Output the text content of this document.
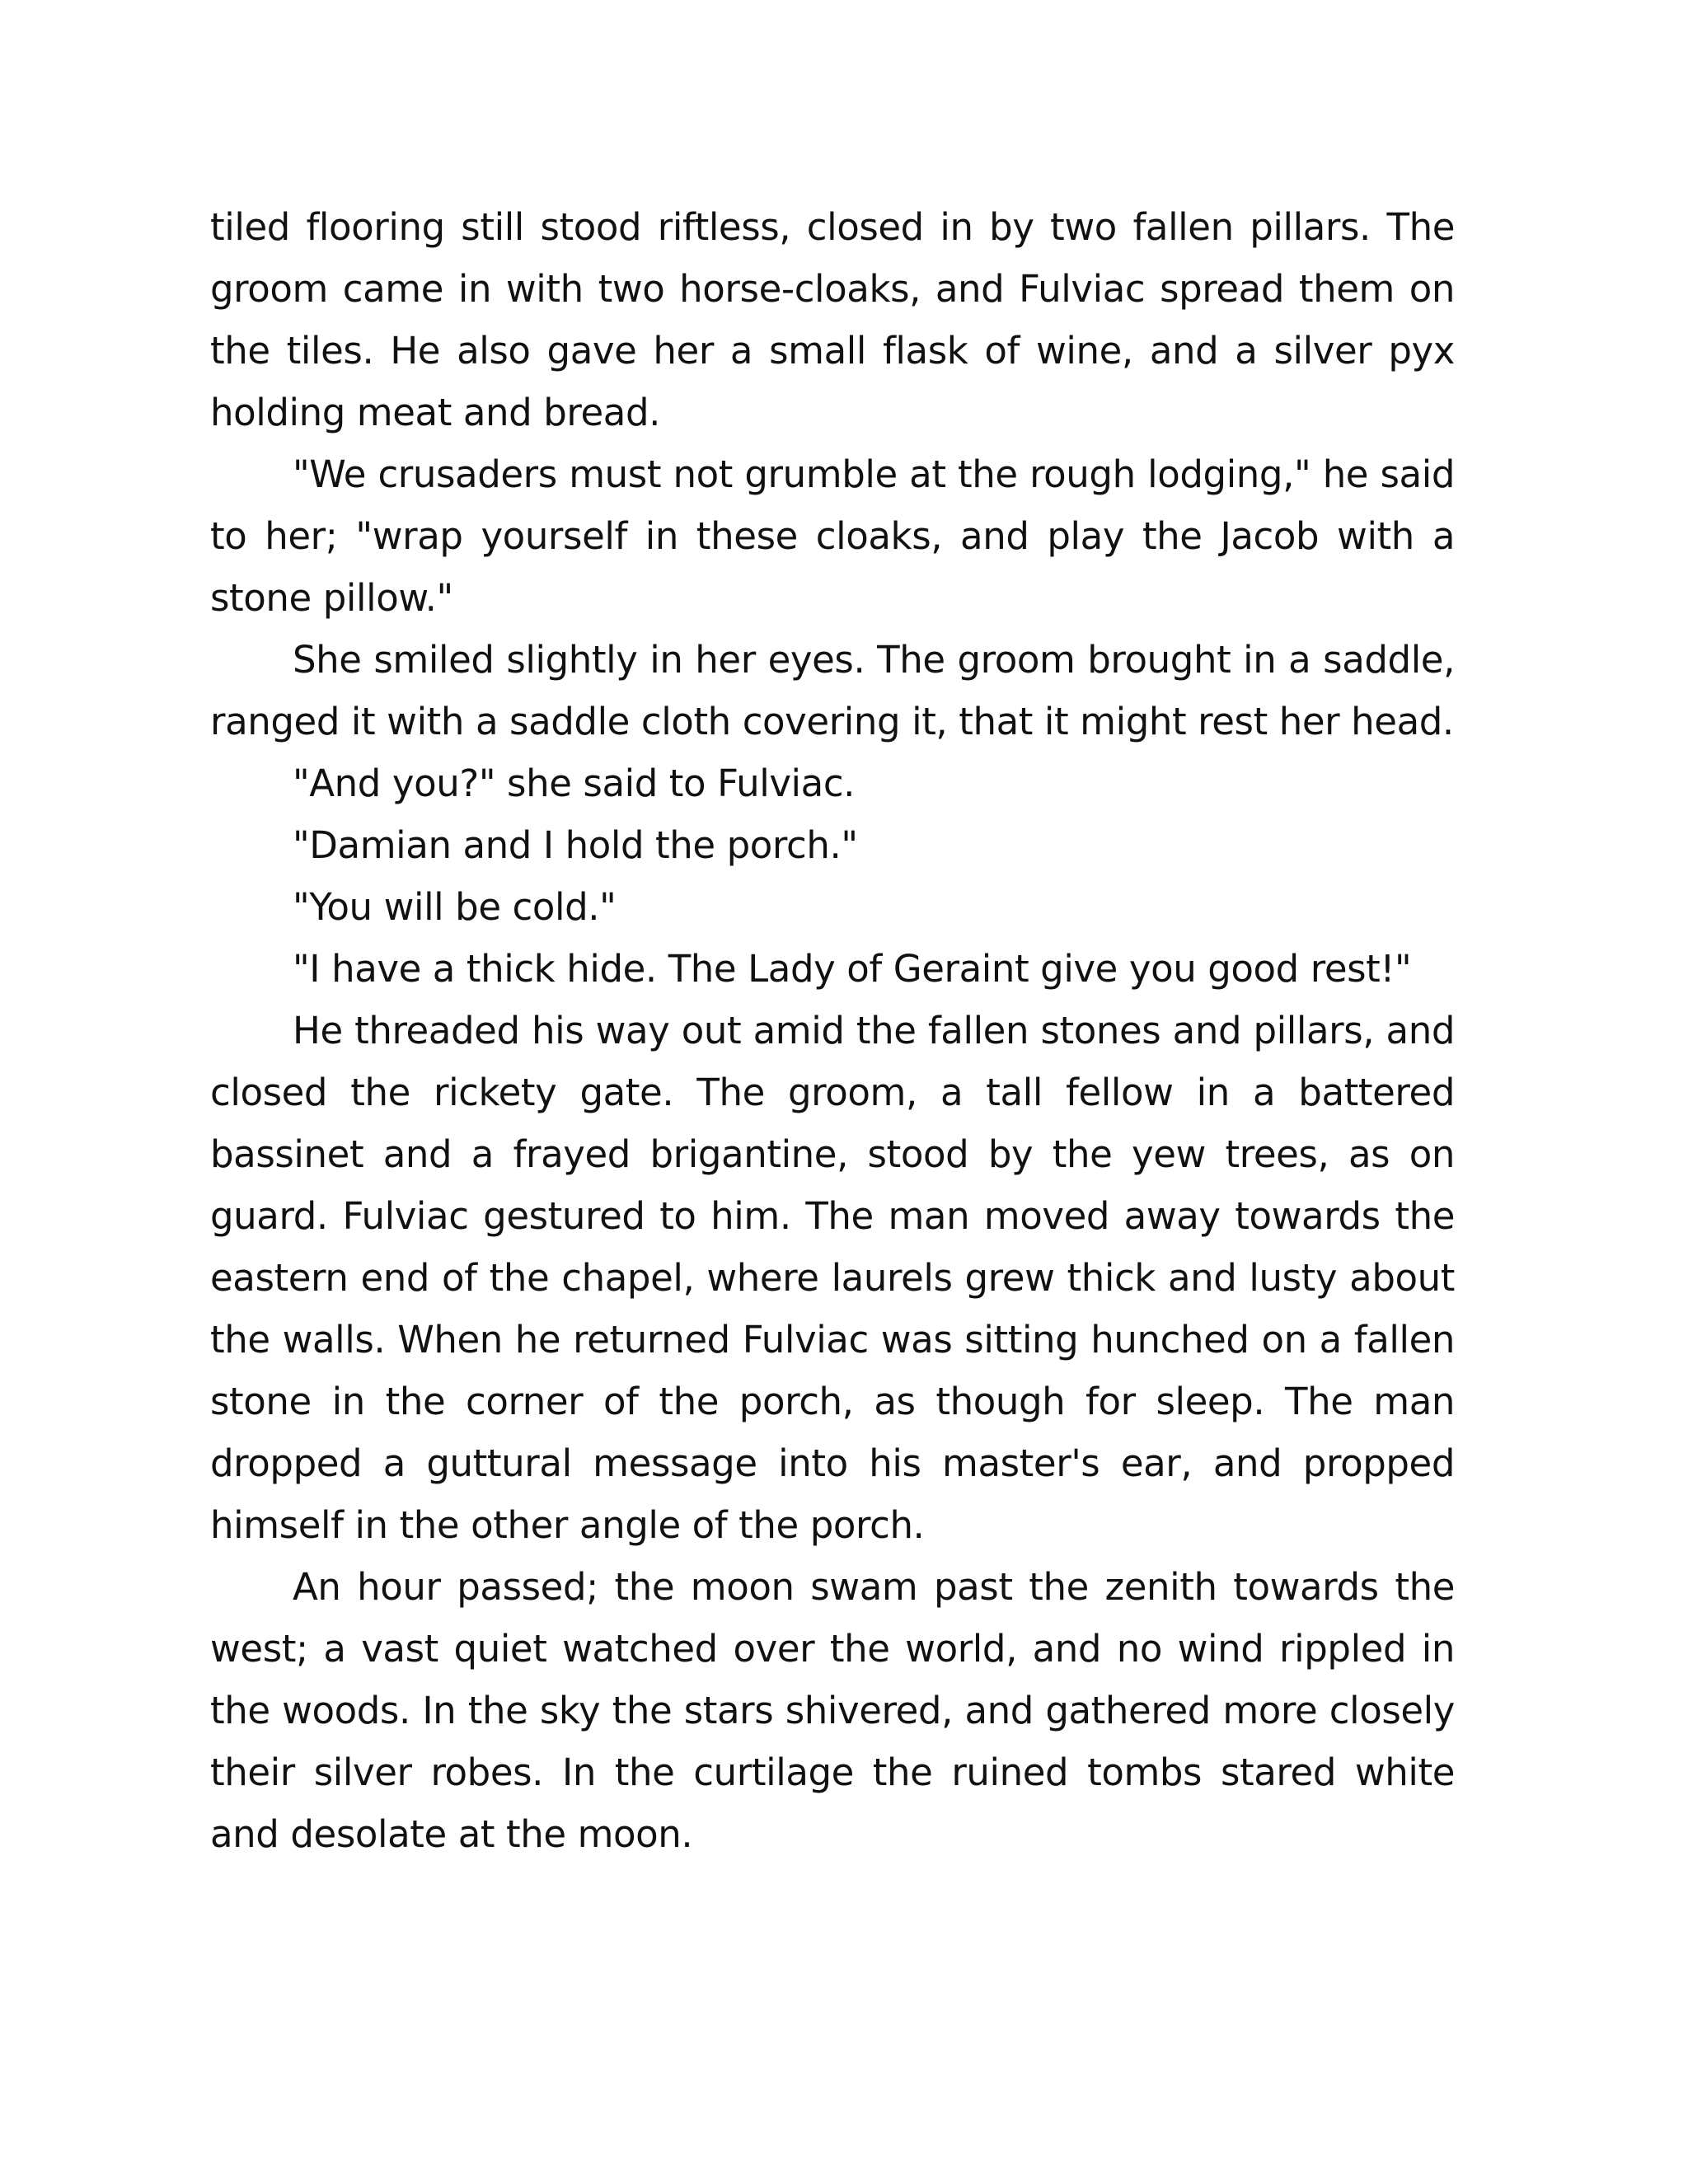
tiled flooring still stood riftless, closed in by two fallen pillars. The groom came in with two horse-cloaks, and Fulviac spread them on the tiles. He also gave her a small flask of wine, and a silver pyx holding meat and bread.

"We crusaders must not grumble at the rough lodging," he said to her; "wrap yourself in these cloaks, and play the Jacob with a stone pillow."

She smiled slightly in her eyes. The groom brought in a saddle, ranged it with a saddle cloth covering it, that it might rest her head.

"And you?" she said to Fulviac.

"Damian and I hold the porch."

"You will be cold."

"I have a thick hide. The Lady of Geraint give you good rest!"

He threaded his way out amid the fallen stones and pillars, and closed the rickety gate. The groom, a tall fellow in a battered bassinet and a frayed brigantine, stood by the yew trees, as on guard. Fulviac gestured to him. The man moved away towards the eastern end of the chapel, where laurels grew thick and lusty about the walls. When he returned Fulviac was sitting hunched on a fallen stone in the corner of the porch, as though for sleep. The man dropped a guttural message into his master's ear, and propped himself in the other angle of the porch.

An hour passed; the moon swam past the zenith towards the west; a vast quiet watched over the world, and no wind rippled in the woods. In the sky the stars shivered, and gathered more closely their silver robes. In the curtilage the ruined tombs stared white and desolate at the moon.
